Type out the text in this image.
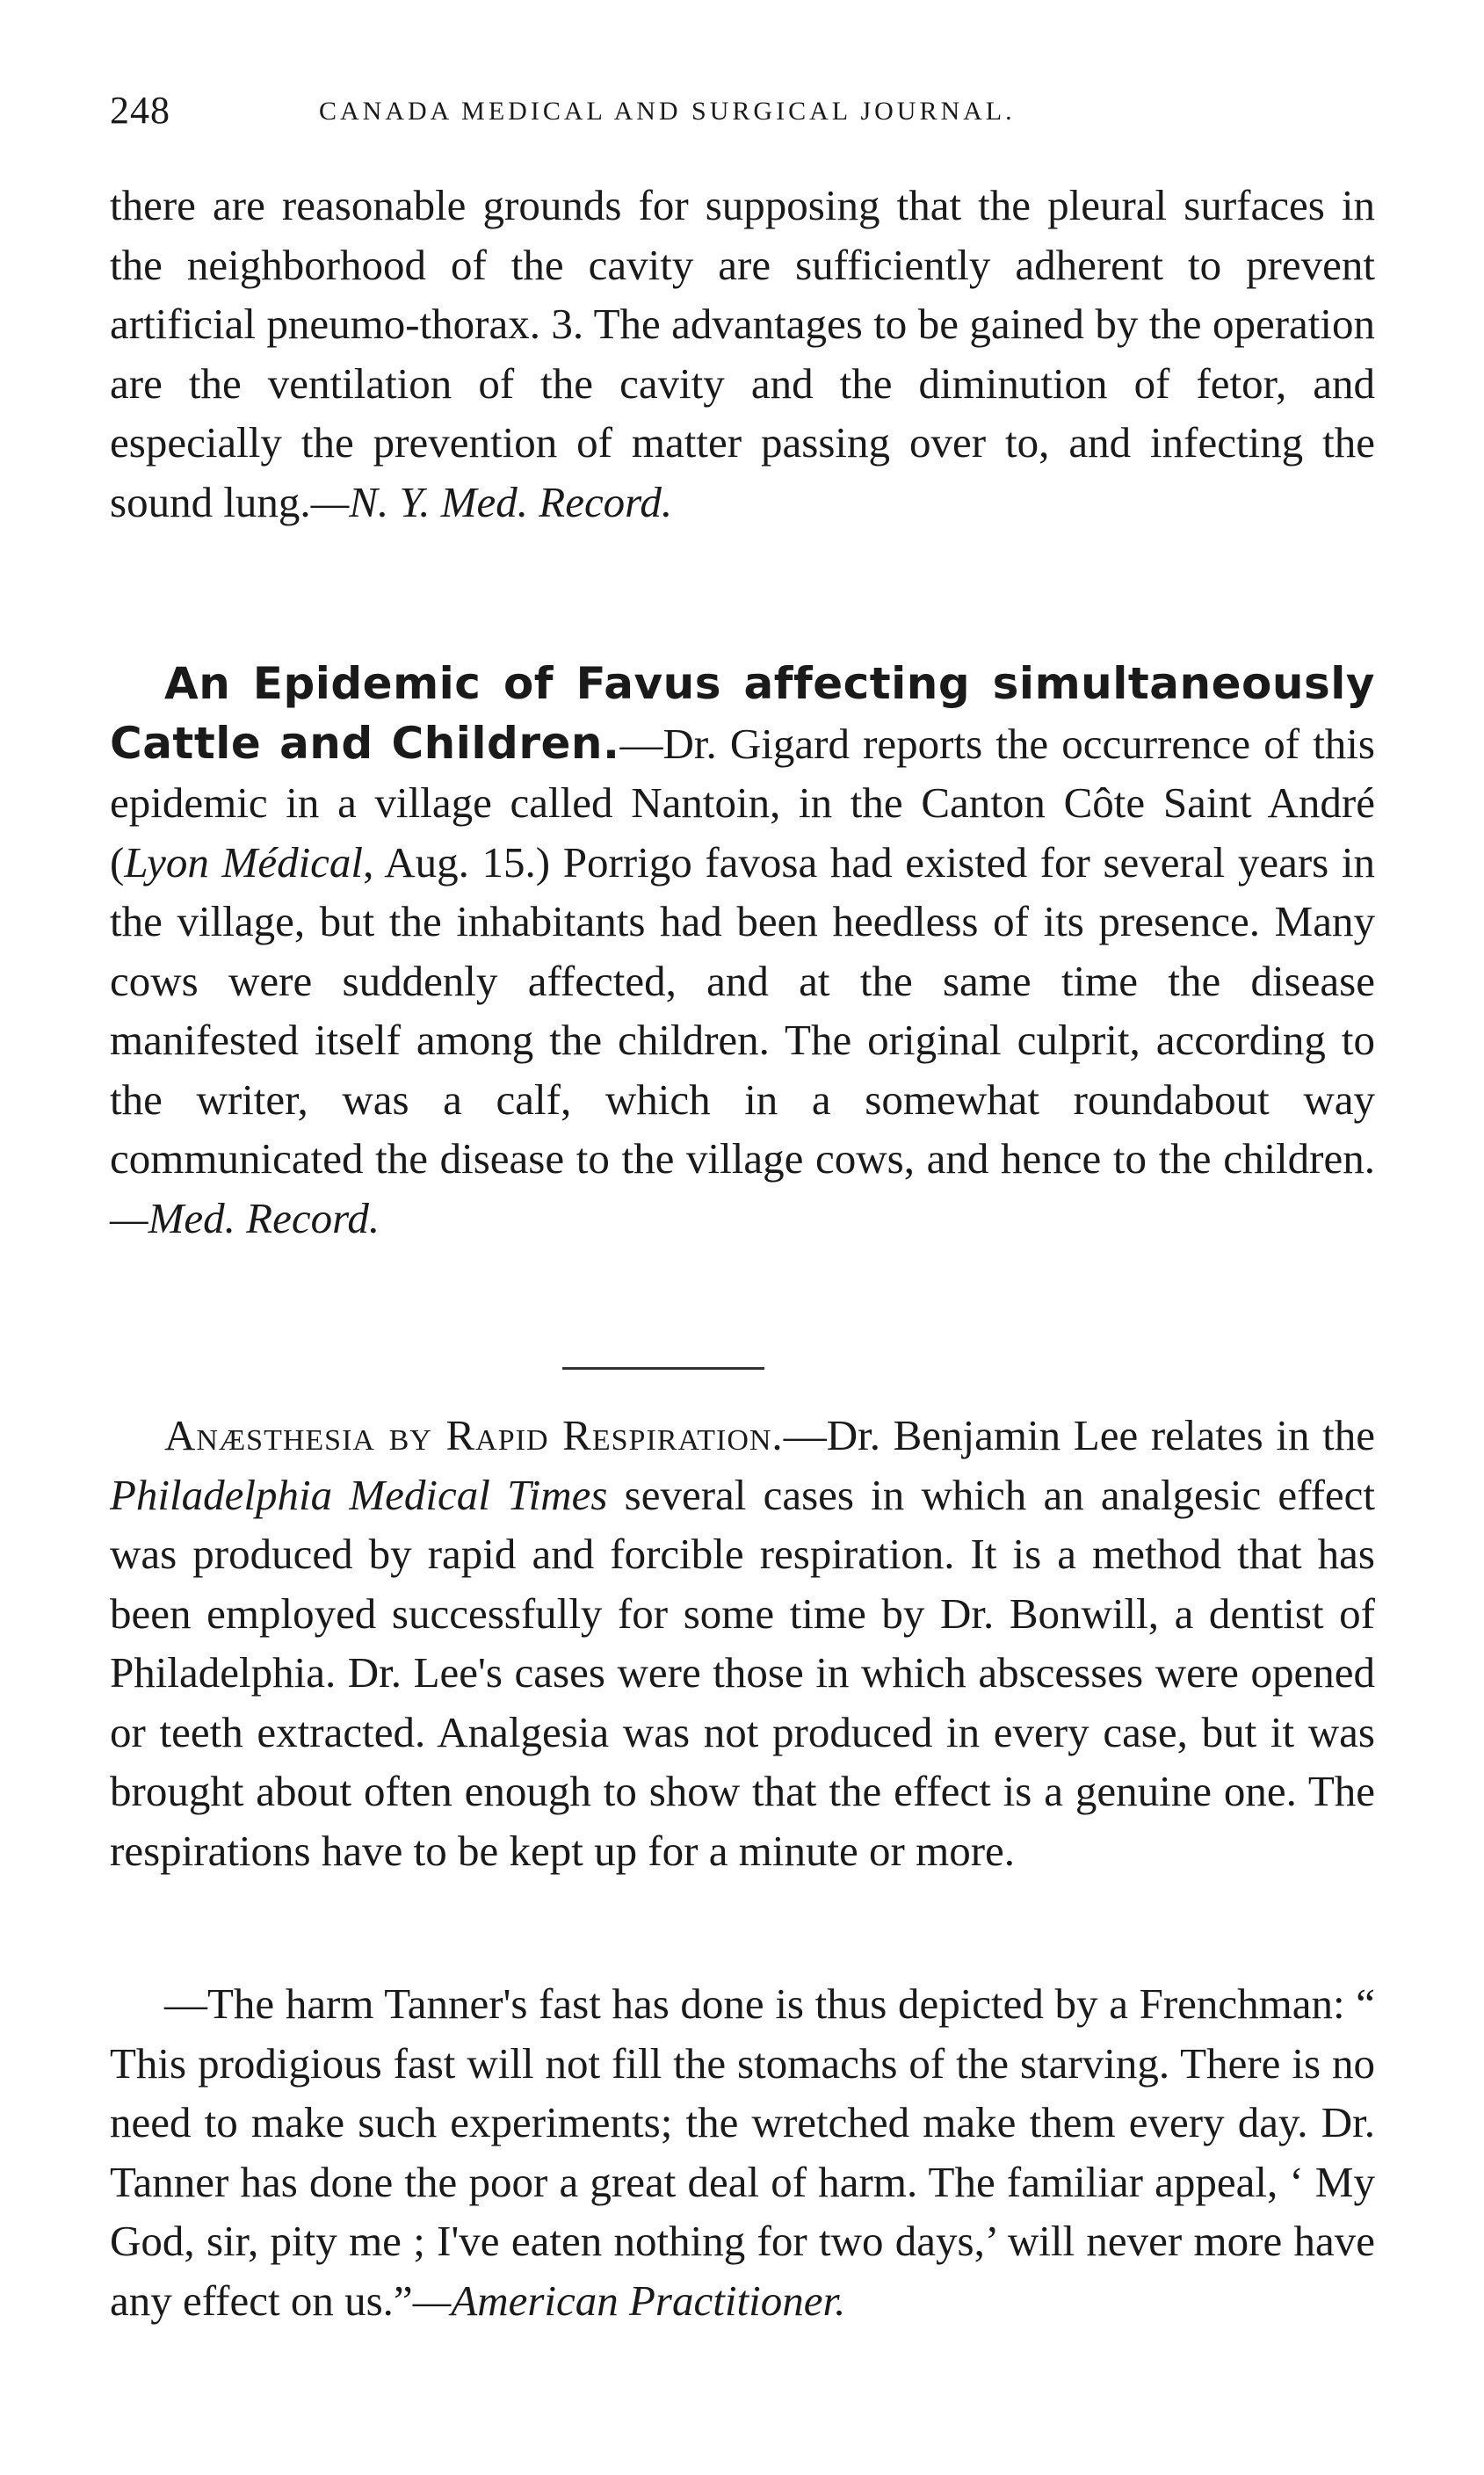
248	CANADA MEDICAL AND SURGICAL JOURNAL.
there are reasonable grounds for supposing that the pleural surfaces in the neighborhood of the cavity are sufficiently adherent to prevent artificial pneumo-thorax. 3. The advantages to be gained by the operation are the ventilation of the cavity and the diminution of fetor, and especially the prevention of matter passing over to, and infecting the sound lung.—N. Y. Med. Record.
An Epidemic of Favus affecting simultaneously Cattle and Children.—Dr. Gigard reports the occurrence of this epidemic in a village called Nantoin, in the Canton Côte Saint André (Lyon Médical, Aug. 15.) Porrigo favosa had existed for several years in the village, but the inhabitants had been heedless of its presence. Many cows were suddenly affected, and at the same time the disease manifested itself among the children. The original culprit, according to the writer, was a calf, which in a somewhat roundabout way communicated the disease to the village cows, and hence to the children.—Med. Record.
Anæsthesia by Rapid Respiration.—Dr. Benjamin Lee relates in the Philadelphia Medical Times several cases in which an analgesic effect was produced by rapid and forcible respiration. It is a method that has been employed successfully for some time by Dr. Bonwill, a dentist of Philadelphia. Dr. Lee's cases were those in which abscesses were opened or teeth extracted. Analgesia was not produced in every case, but it was brought about often enough to show that the effect is a genuine one. The respirations have to be kept up for a minute or more.
—The harm Tanner's fast has done is thus depicted by a Frenchman: “ This prodigious fast will not fill the stomachs of the starving. There is no need to make such experiments; the wretched make them every day. Dr. Tanner has done the poor a great deal of harm. The familiar appeal, ‘ My God, sir, pity me ; I've eaten nothing for two days,’ will never more have any effect on us.”—American Practitioner.
